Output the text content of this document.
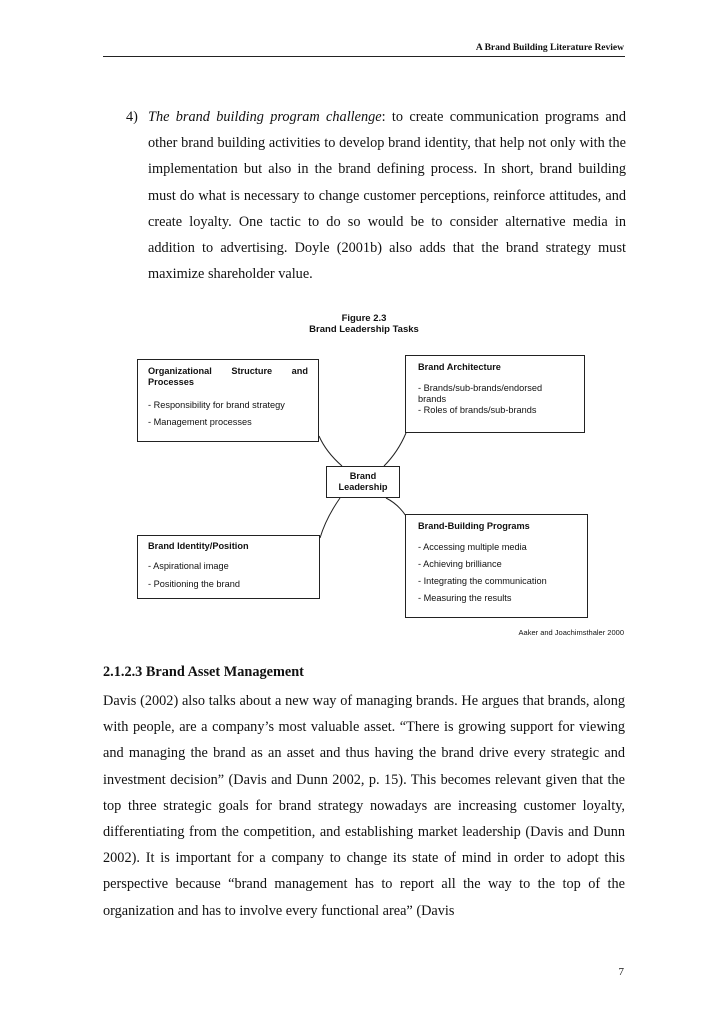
A Brand Building Literature Review
4) The brand building program challenge: to create communication programs and other brand building activities to develop brand identity, that help not only with the implementation but also in the brand defining process. In short, brand building must do what is necessary to change customer perceptions, reinforce attitudes, and create loyalty. One tactic to do so would be to consider alternative media in addition to advertising. Doyle (2001b) also adds that the brand strategy must maximize shareholder value.
Figure 2.3
Brand Leadership Tasks
Organizational Structure and
Processes
- Responsibility for brand strategy
- Management processes
Brand Architecture
- Brands/sub-brands/endorsed brands
- Roles of brands/sub-brands
Brand Leadership
Brand Identity/Position
- Aspirational image
- Positioning the brand
Brand-Building Programs
- Accessing multiple media
- Achieving brilliance
- Integrating the communication
- Measuring the results
Aaker and Joachimsthaler 2000
2.1.2.3 Brand Asset Management
Davis (2002) also talks about a new way of managing brands. He argues that brands, along with people, are a company’s most valuable asset. “There is growing support for viewing and managing the brand as an asset and thus having the brand drive every strategic and investment decision” (Davis and Dunn 2002, p. 15). This becomes relevant given that the top three strategic goals for brand strategy nowadays are increasing customer loyalty, differentiating from the competition, and establishing market leadership (Davis and Dunn 2002). It is important for a company to change its state of mind in order to adopt this perspective because “brand management has to report all the way to the top of the organization and has to involve every functional area” (Davis
7
